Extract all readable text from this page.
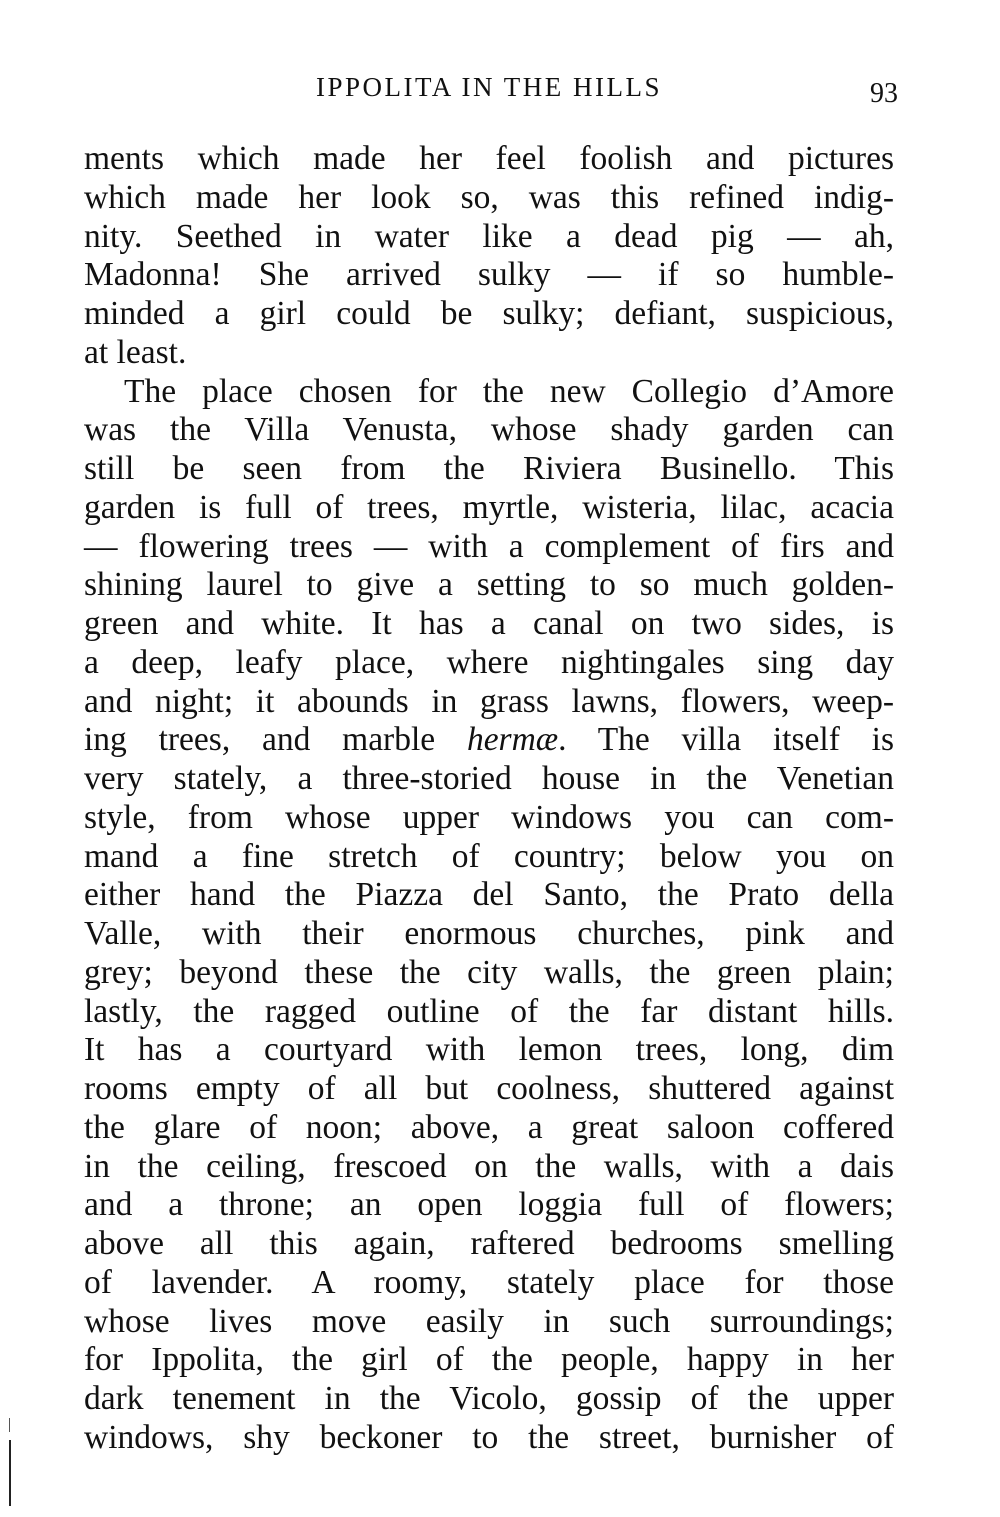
IPPOLITA IN THE HILLS	93
ments which made her feel foolish and pictures
which made her look so, was this refined indig-
nity. Seethed in water like a dead pig — ah,
Madonna! She arrived sulky — if so humble-
minded a girl could be sulky; defiant, suspicious,
at least.
The place chosen for the new Collegio d’Amore
was the Villa Venusta, whose shady garden can
still be seen from the Riviera Businello. This
garden is full of trees, myrtle, wisteria, lilac, acacia
— flowering trees — with a complement of firs and
shining laurel to give a setting to so much golden-
green and white. It has a canal on two sides, is
a deep, leafy place, where nightingales sing day
and night; it abounds in grass lawns, flowers, weep-
ing trees, and marble hermæ. The villa itself is
very stately, a three-storied house in the Venetian
style, from whose upper windows you can com-
mand a fine stretch of country; below you on
either hand the Piazza del Santo, the Prato della
Valle, with their enormous churches, pink and
grey; beyond these the city walls, the green plain;
lastly, the ragged outline of the far distant hills.
It has a courtyard with lemon trees, long, dim
rooms empty of all but coolness, shuttered against
the glare of noon; above, a great saloon coffered
in the ceiling, frescoed on the walls, with a dais
and a throne; an open loggia full of flowers;
above all this again, raftered bedrooms smelling
of lavender. A roomy, stately place for those
whose lives move easily in such surroundings;
for Ippolita, the girl of the people, happy in her
dark tenement in the Vicolo, gossip of the upper
windows, shy beckoner to the street, burnisher of
